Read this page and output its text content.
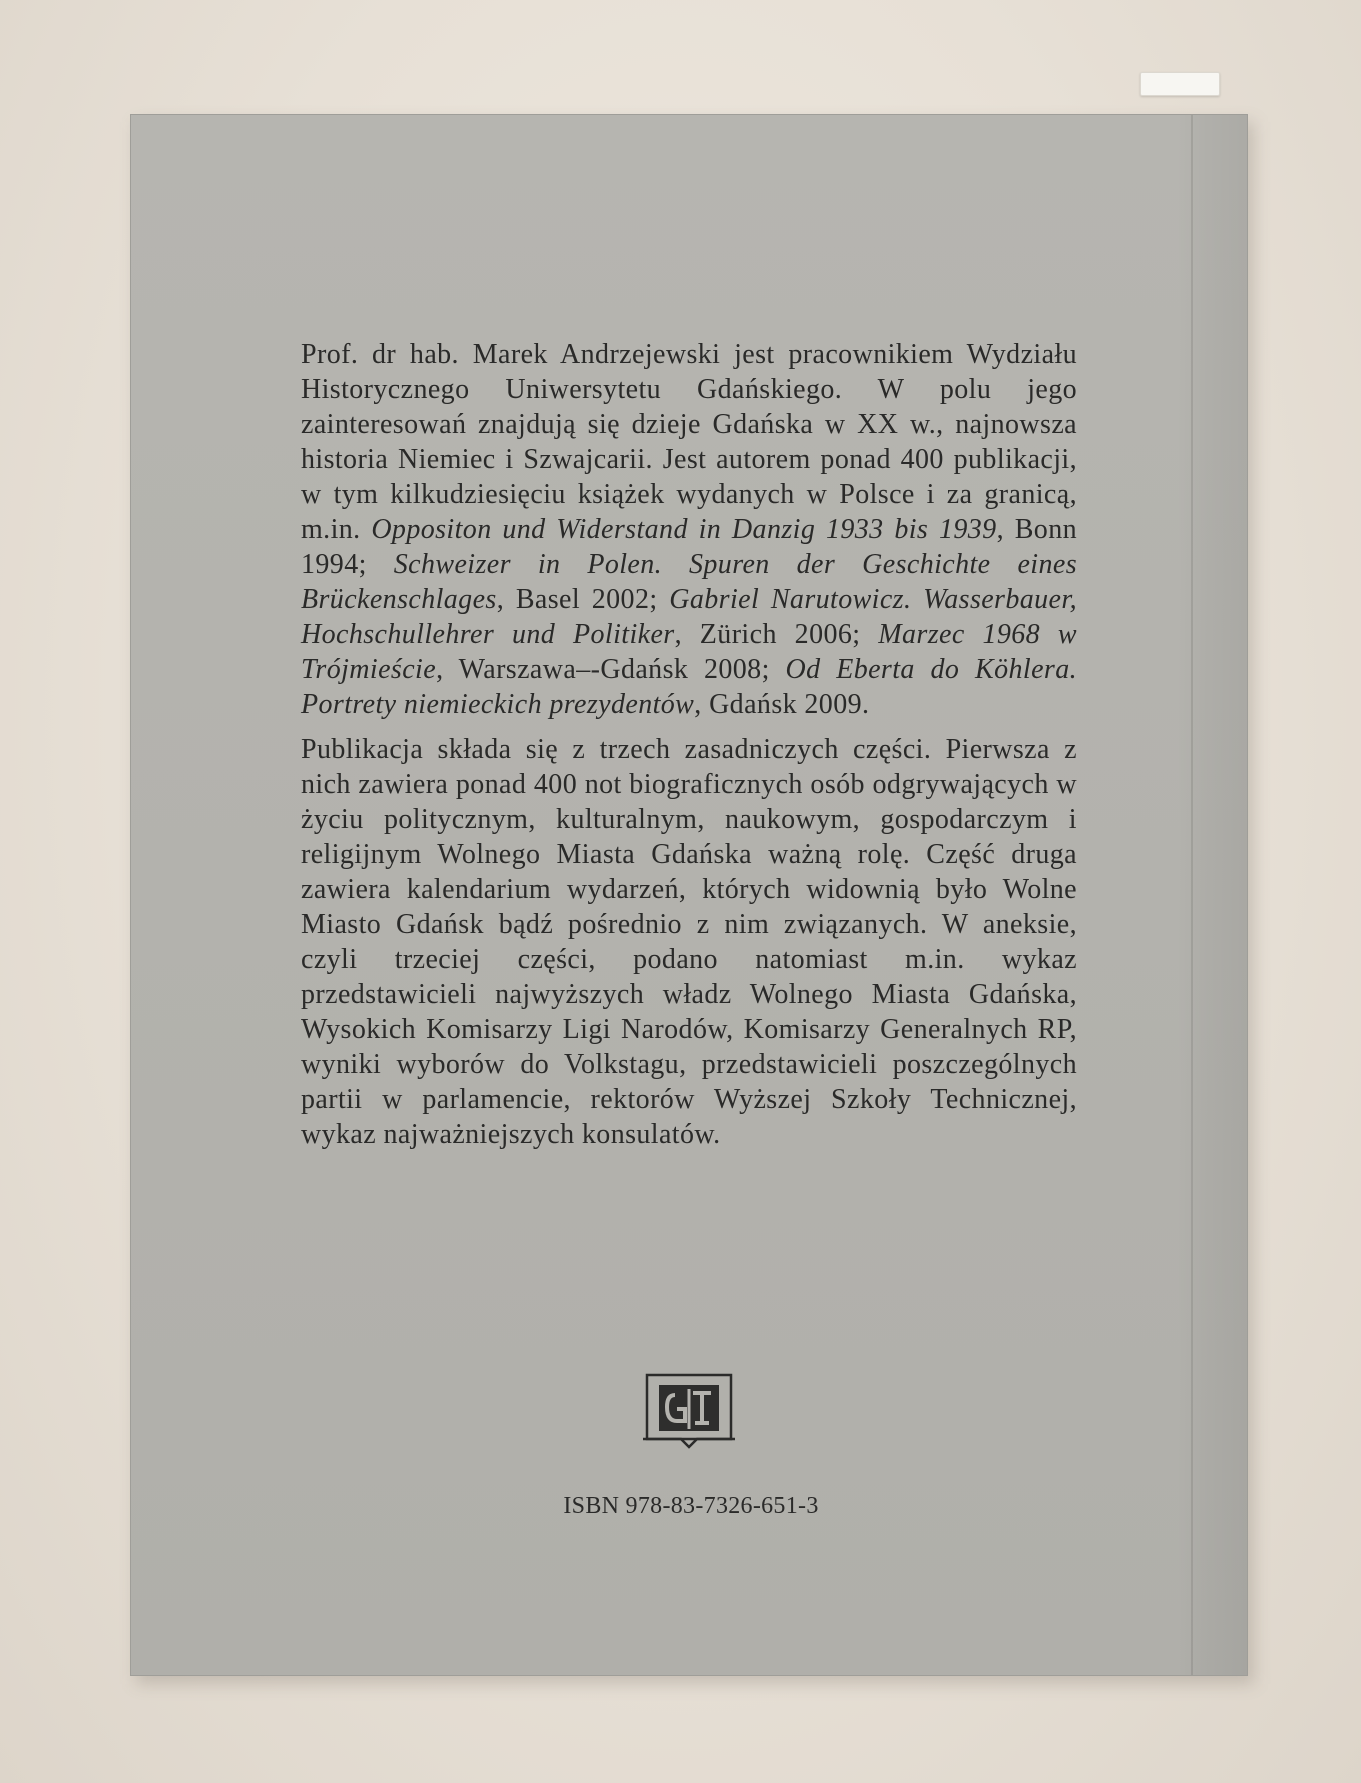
Prof. dr hab. Marek Andrzejewski jest pracownikiem Wydziału Historycznego Uniwersytetu Gdańskiego. W polu jego zainteresowań znajdują się dzieje Gdańska w XX w., najnowsza historia Niemiec i Szwajcarii. Jest autorem ponad 400 publikacji, w tym kilkudziesięciu książek wydanych w Polsce i za granicą, m.in. Oppositon und Widerstand in Danzig 1933 bis 1939, Bonn 1994; Schweizer in Polen. Spuren der Geschichte eines Brückenschlages, Basel 2002; Gabriel Narutowicz. Wasserbauer, Hochschullehrer und Politiker, Zürich 2006; Marzec 1968 w Trójmieście, Warszawa–-Gdańsk 2008; Od Eberta do Köhlera. Portrety niemieckich prezydentów, Gdańsk 2009.

Publikacja składa się z trzech zasadniczych części. Pierwsza z nich zawiera ponad 400 not biograficznych osób odgrywających w życiu politycznym, kulturalnym, naukowym, gospodarczym i religijnym Wolnego Miasta Gdańska ważną rolę. Część druga zawiera kalendarium wydarzeń, których widownią było Wolne Miasto Gdańsk bądź pośrednio z nim związanych. W aneksie, czyli trzeciej części, podano natomiast m.in. wykaz przedstawicieli najwyższych władz Wolnego Miasta Gdańska, Wysokich Komisarzy Ligi Narodów, Komisarzy Generalnych RP, wyniki wyborów do Volkstagu, przedstawicieli poszczególnych partii w parlamencie, rektorów Wyższej Szkoły Technicznej, wykaz najważniejszych konsulatów.

ISBN 978-83-7326-651-3
